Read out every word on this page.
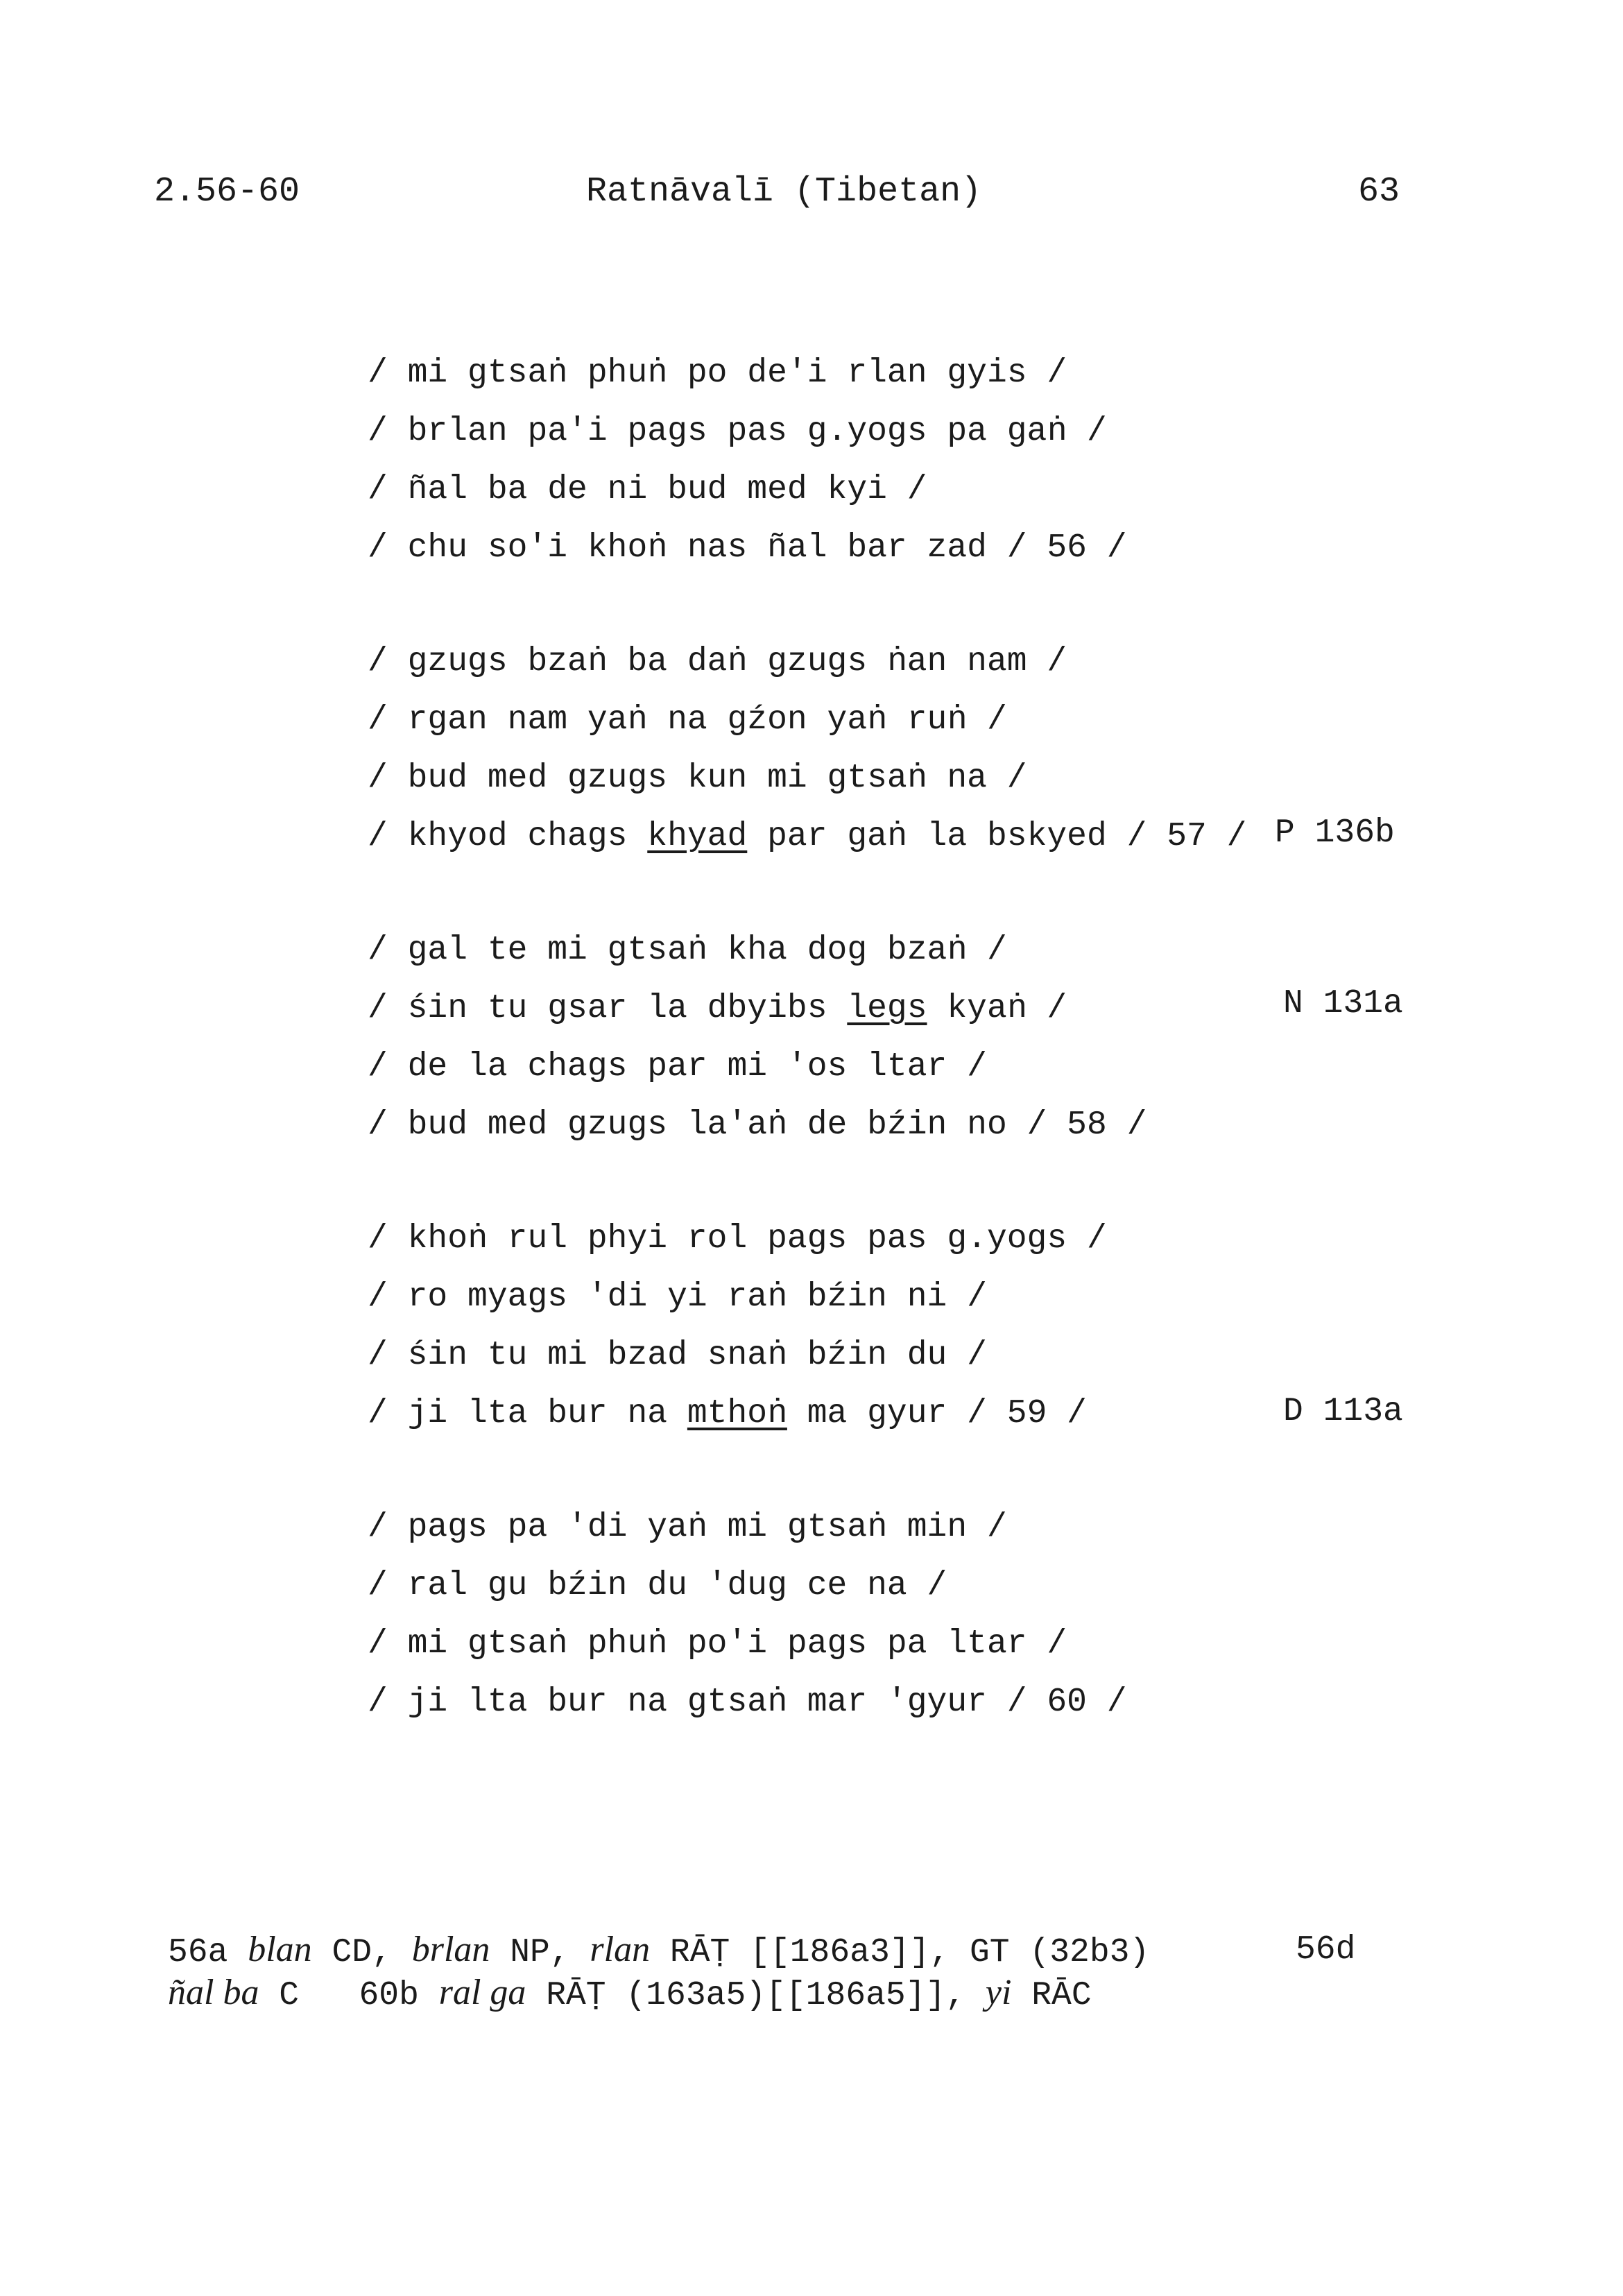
2.56-60	Ratnāvalī (Tibetan)	63
/ mi gtsaṅ phuṅ po de'i rlan gyis /
/ brlan pa'i pags pas g.yogs pa gaṅ /
/ ñal ba de ni bud med kyi /
/ chu so'i khoṅ nas ñal bar zad / 56 /
/ gzugs bzaṅ ba daṅ gzugs ṅan nam /
/ rgan nam yaṅ na gźon yaṅ ruṅ /
/ bud med gzugs kun mi gtsaṅ na /
/ khyod chags khyad par gaṅ la bskyed / 57 /
/ gal te mi gtsaṅ kha dog bzaṅ /
/ śin tu gsar la dbyibs legs kyaṅ /
/ de la chags par mi 'os ltar /
/ bud med gzugs la'aṅ de bźin no / 58 /
/ khoṅ rul phyi rol pags pas g.yogs /
/ ro myags 'di yi raṅ bźin ni /
/ śin tu mi bzad snaṅ bźin du /
/ ji lta bur na mthoṅ ma gyur / 59 /
/ pags pa 'di yaṅ mi gtsaṅ min /
/ ral gu bźin du 'dug ce na /
/ mi gtsaṅ phuṅ po'i pags pa ltar /
/ ji lta bur na gtsaṅ mar 'gyur / 60 /
P 136b
N 131a
D 113a
56a blan CD, brlan NP, rlan RĀṬ [[186a3]], GT (32b3)
ñal ba C   60b ral ga RĀṬ (163a5)[[186a5]], yi RĀC
56d
